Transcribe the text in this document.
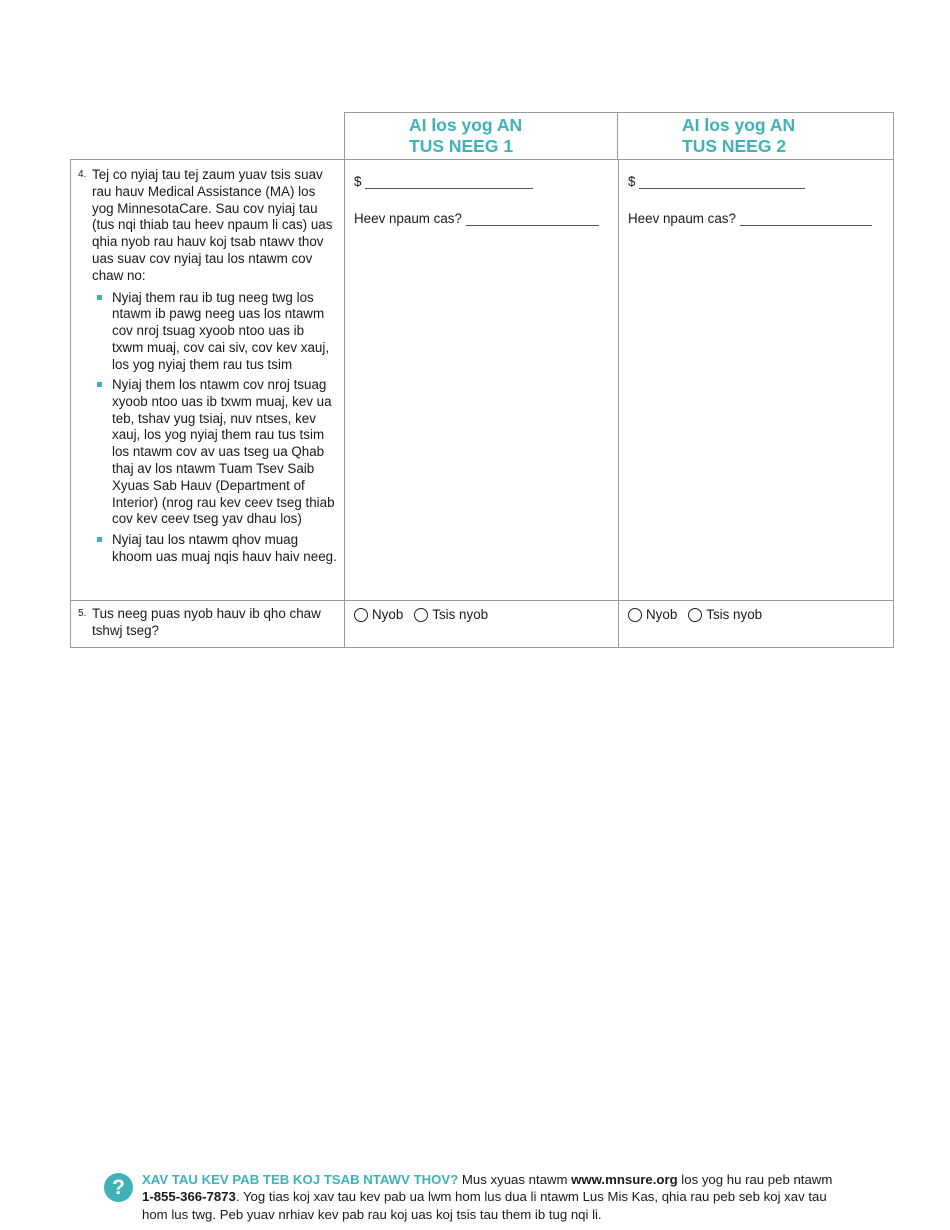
AI los yog AN
TUS NEEG 1
AI los yog AN
TUS NEEG 2
4. Tej co nyiaj tau tej zaum yuav tsis suav rau hauv Medical Assistance (MA) los yog MinnesotaCare. Sau cov nyiaj tau (tus nqi thiab tau heev npaum li cas) uas qhia nyob rau hauv koj tsab ntawv thov uas suav cov nyiaj tau los ntawm cov chaw no:
Nyiaj them rau ib tug neeg twg los ntawm ib pawg neeg uas los ntawm cov nroj tsuag xyoob ntoo uas ib txwm muaj, cov cai siv, cov kev xauj, los yog nyiaj them rau tus tsim
Nyiaj them los ntawm cov nroj tsuag xyoob ntoo uas ib txwm muaj, kev ua teb, tshav yug tsiaj, nuv ntses, kev xauj, los yog nyiaj them rau tus tsim los ntawm cov av uas tseg ua Qhab thaj av los ntawm Tuam Tsev Saib Xyuas Sab Hauv (Department of Interior) (nrog rau kev ceev tseg thiab cov kev ceev tseg yav dhau los)
Nyiaj tau los ntawm qhov muag khoom uas muaj nqis hauv haiv neeg.
$
Heev npaum cas?
$
Heev npaum cas?
5. Tus neeg puas nyob hauv ib qho chaw tshwj tseg?
Nyob Tsis nyob	Nyob Tsis nyob
?	XAV TAU KEV PAB TEB KOJ TSAB NTAWV THOV? Mus xyuas ntawm www.mnsure.org los yog hu rau peb ntawm 1-855-366-7873. Yog tias koj xav tau kev pab ua lwm hom lus dua li ntawm Lus Mis Kas, qhia rau peb seb koj xav tau hom lus twg. Peb yuav nrhiav kev pab rau koj uas koj tsis tau them ib tug nqi li.
